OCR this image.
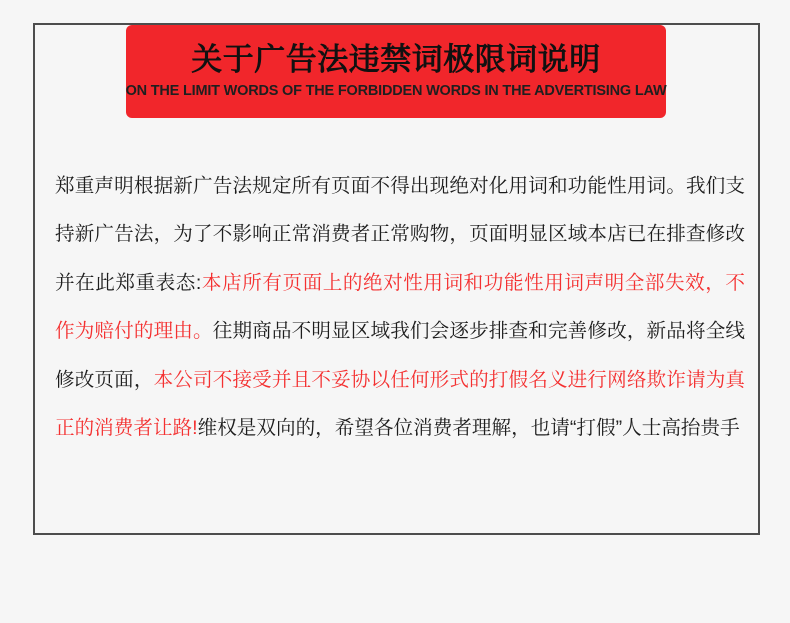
关于广告法违禁词极限词说明
ON THE LIMIT WORDS OF THE FORBIDDEN WORDS IN THE ADVERTISING LAW

郑重声明根据新广告法规定所有页面不得出现绝对化用词和功能性用词。我们支持新广告法，为了不影响正常消费者正常购物，页面明显区域本店已在排查修改并在此郑重表态:本店所有页面上的绝对性用词和功能性用词声明全部失效，不作为赔付的理由。往期商品不明显区域我们会逐步排查和完善修改，新品将全线修改页面，本公司不接受并且不妥协以任何形式的打假名义进行网络欺诈请为真正的消费者让路!维权是双向的，希望各位消费者理解，也请“打假”人士高抬贵手
